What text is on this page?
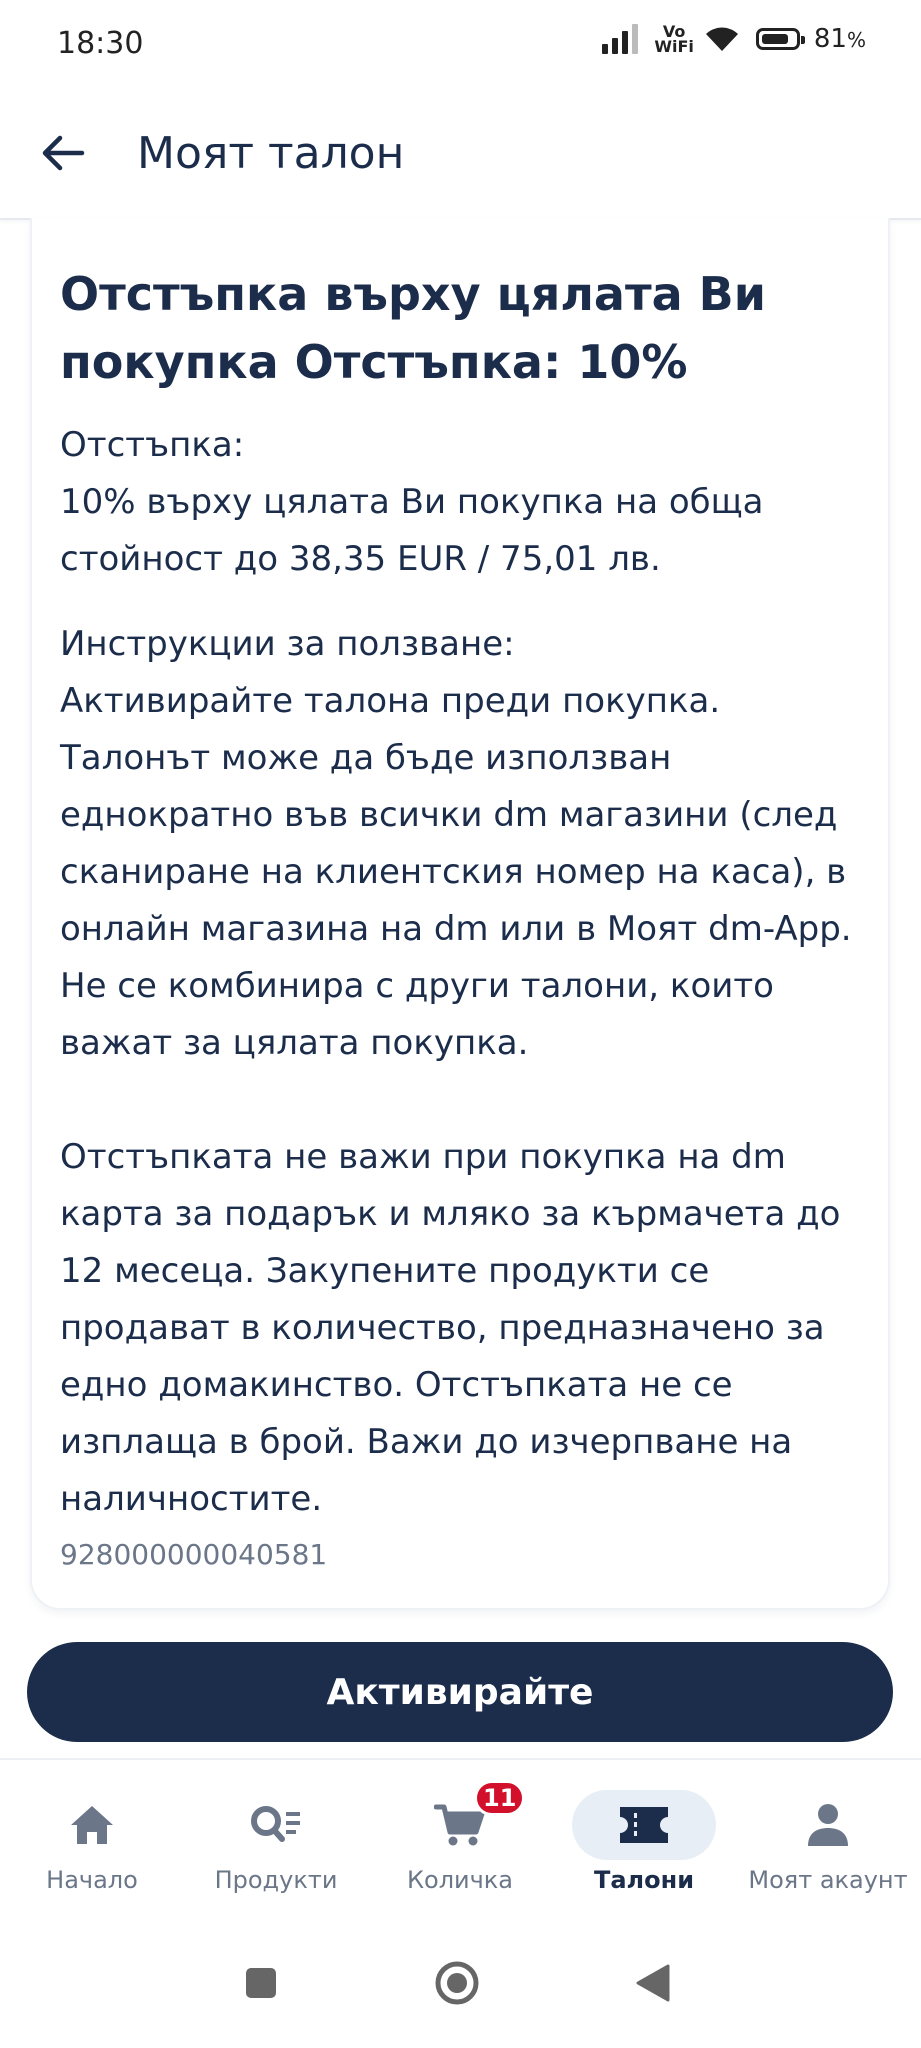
18:30	Vo
WiFi	81%
Моят талон
Отстъпка върху цялата Ви покупка Отстъпка: 10%

Отстъпка:

10% върху цялата Ви покупка на обща стойност до 38,35 EUR / 75,01 лв.

Инструкции за ползване:

Активирайте талона преди покупка. Талонът може да бъде използван еднократно във всички dm магазини (след сканиране на клиентския номер на каса), в онлайн магазина на dm или в Моят dm-App. Не се комбинира с други талони, които важат за цялата покупка.

Отстъпката не важи при покупка на dm карта за подарък и мляко за кърмачета до 12 месеца. Закупените продукти се продават в количество, предназначено за едно домакинство. Отстъпката не се изплаща в брой. Важи до изчерпване на наличностите.

928000000040581
Активирайте
Начало	Продукти
11
Количка	Талони Моят акаунт
